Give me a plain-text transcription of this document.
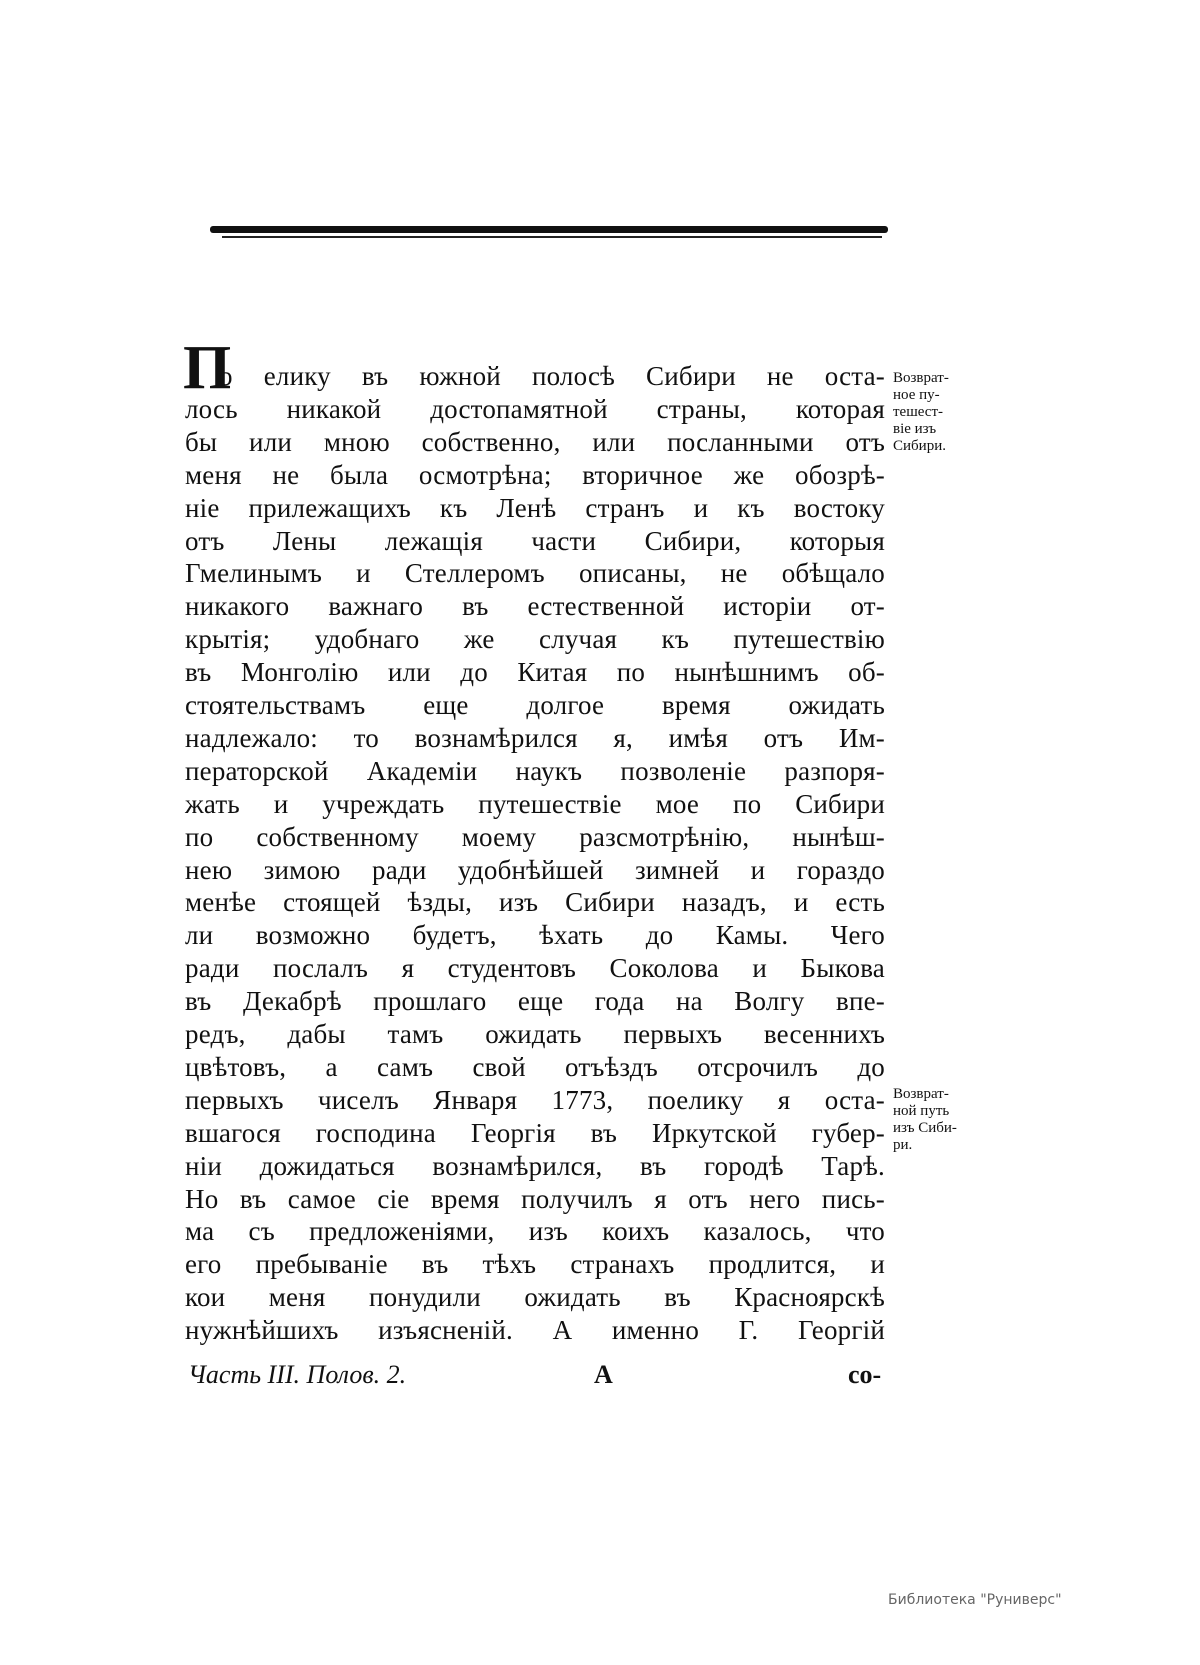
П
о елику въ южной полосѣ Сибири не оста-
лось никакой достопамятной страны, которая
бы или мною собственно, или посланными отъ
меня не была осмотрѣна; вторичное же обозрѣ-
ніе прилежащихъ къ Ленѣ странъ и къ востоку
отъ Лены лежащія части Сибири, которыя
Гмелинымъ и Стеллеромъ описаны, не обѣщало
никакого важнаго въ естественной исторіи от-
крытія; удобнаго же случая къ путешествію
въ Монголію или до Китая по нынѣшнимъ об-
стоятельствамъ еще долгое время ожидать
надлежало: то вознамѣрился я, имѣя отъ Им-
ператорской Академіи наукъ позволеніе разпоря-
жать и учреждать путешествіе мое по Сибири
по собственному моему разсмотрѣнію, нынѣш-
нею зимою ради удобнѣйшей зимней и гораздо
менѣе стоящей ѣзды, изъ Сибири назадъ, и есть
ли возможно будетъ, ѣхать до Камы. Чего
ради послалъ я студентовъ Соколова и Быкова
въ Декабрѣ прошлаго еще года на Волгу впе-
редъ, дабы тамъ ожидать первыхъ весеннихъ
цвѣтовъ, а самъ свой отъѣздъ отсрочилъ до
первыхъ чиселъ Января 1773, поелику я оста-
вшагося господина Георгія въ Иркутской губер-
ніи дожидаться вознамѣрился, въ городѣ Тарѣ.
Но въ самое сіе время получилъ я отъ него пись-
ма съ предложеніями, изъ коихъ казалось, что
его пребываніе въ тѣхъ странахъ продлится, и
кои меня понудили ожидать въ Красноярскѣ
нужнѣйшихъ изъясненій. А именно Г. Георгій
Возврат-
ное пу-
тешест-
віе изъ
Сибири.
Возврат-
ной путь
изъ Сиби-
ри.
Часть III. Полов. 2.	А	со-
Библиотека "Руниверс"
